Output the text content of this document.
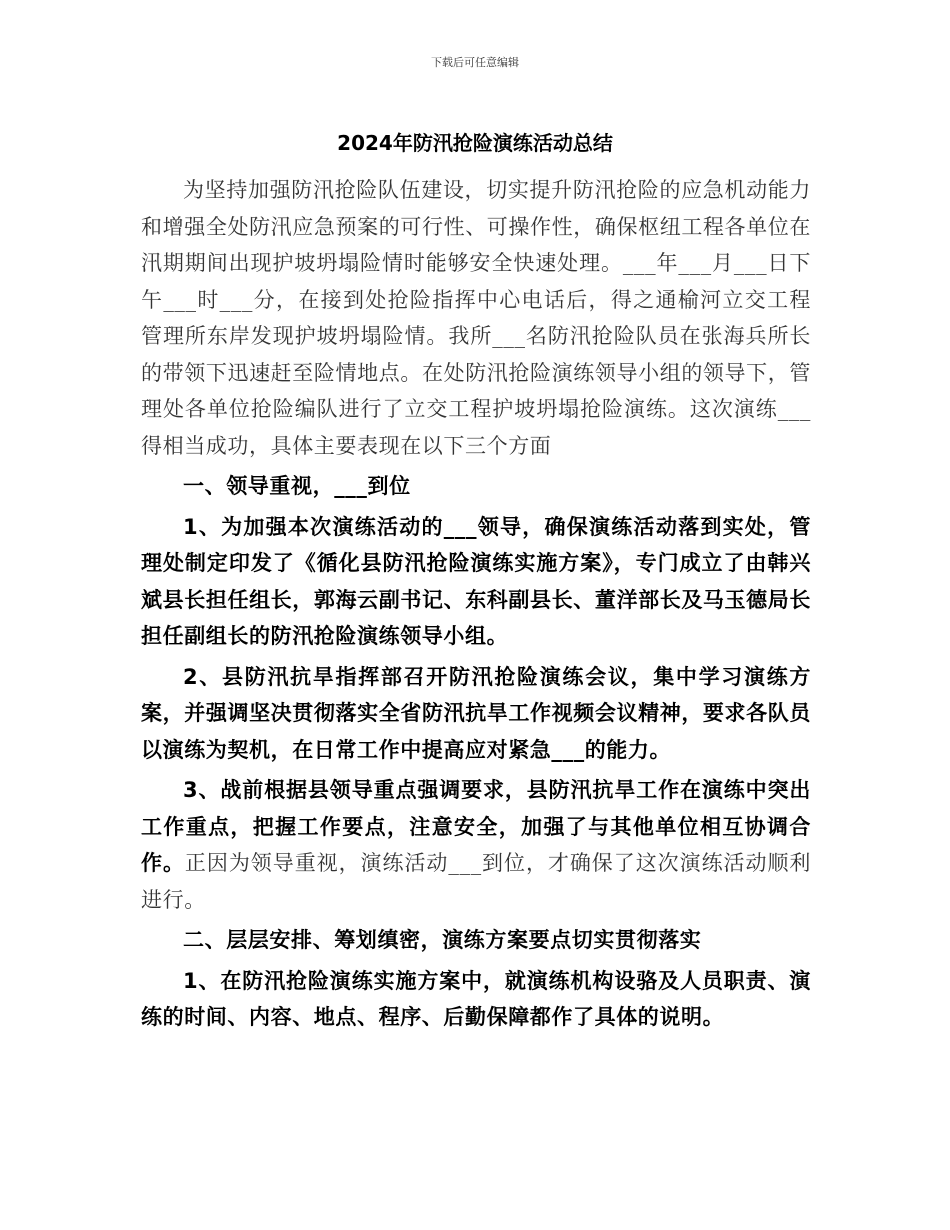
下载后可任意编辑
2024年防汛抢险演练活动总结

为坚持加强防汛抢险队伍建设，切实提升防汛抢险的应急机动能力和增强全处防汛应急预案的可行性、可操作性，确保枢纽工程各单位在汛期期间出现护坡坍塌险情时能够安全快速处理。___年___月___日下午___时___分，在接到处抢险指挥中心电话后，得之通榆河立交工程管理所东岸发现护坡坍塌险情。我所___名防汛抢险队员在张海兵所长的带领下迅速赶至险情地点。在处防汛抢险演练领导小组的领导下，管理处各单位抢险编队进行了立交工程护坡坍塌抢险演练。这次演练___得相当成功，具体主要表现在以下三个方面

一、领导重视，___到位

1、为加强本次演练活动的___领导，确保演练活动落到实处，管理处制定印发了《循化县防汛抢险演练实施方案》，专门成立了由韩兴斌县长担任组长，郭海云副书记、东科副县长、董洋部长及马玉德局长担任副组长的防汛抢险演练领导小组。

2、县防汛抗旱指挥部召开防汛抢险演练会议，集中学习演练方案，并强调坚决贯彻落实全省防汛抗旱工作视频会议精神，要求各队员以演练为契机，在日常工作中提高应对紧急___的能力。

3、战前根据县领导重点强调要求，县防汛抗旱工作在演练中突出工作重点，把握工作要点，注意安全，加强了与其他单位相互协调合作。正因为领导重视，演练活动___到位，才确保了这次演练活动顺利进行。

二、层层安排、筹划缜密，演练方案要点切实贯彻落实

1、在防汛抢险演练实施方案中，就演练机构设骆及人员职责、演练的时间、内容、地点、程序、后勤保障都作了具体的说明。
